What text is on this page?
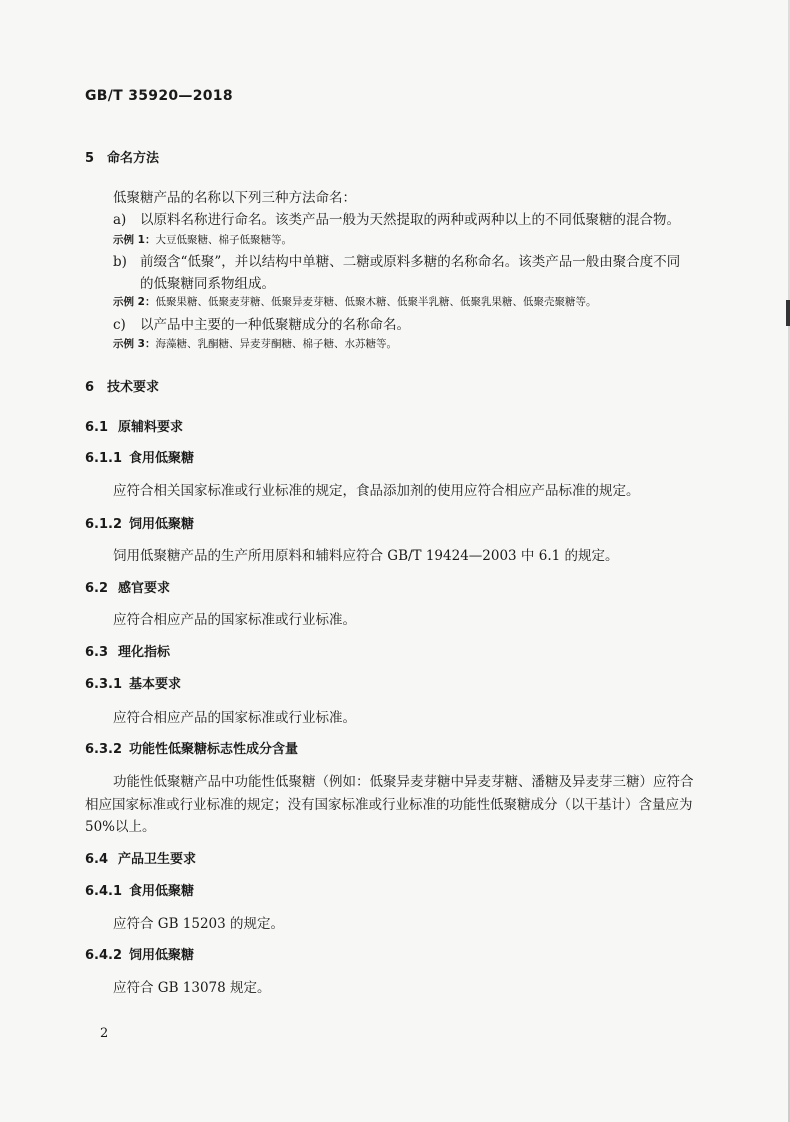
GB/T 35920—2018
5 命名方法
低聚糖产品的名称以下列三种方法命名：
a) 以原料名称进行命名。该类产品一般为天然提取的两种或两种以上的不同低聚糖的混合物。
示例 1：大豆低聚糖、棉子低聚糖等。
b) 前缀含“低聚”，并以结构中单糖、二糖或原料多糖的名称命名。该类产品一般由聚合度不同
的低聚糖同系物组成。
示例 2：低聚果糖、低聚麦芽糖、低聚异麦芽糖、低聚木糖、低聚半乳糖、低聚乳果糖、低聚壳聚糖等。
c) 以产品中主要的一种低聚糖成分的名称命名。
示例 3：海藻糖、乳酮糖、异麦芽酮糖、棉子糖、水苏糖等。
6 技术要求
6.1 原辅料要求
6.1.1 食用低聚糖
应符合相关国家标准或行业标准的规定，食品添加剂的使用应符合相应产品标准的规定。
6.1.2 饲用低聚糖
饲用低聚糖产品的生产所用原料和辅料应符合 GB/T 19424—2003 中 6.1 的规定。
6.2 感官要求
应符合相应产品的国家标准或行业标准。
6.3 理化指标
6.3.1 基本要求
应符合相应产品的国家标准或行业标准。
6.3.2 功能性低聚糖标志性成分含量
功能性低聚糖产品中功能性低聚糖（例如：低聚异麦芽糖中异麦芽糖、潘糖及异麦芽三糖）应符合
相应国家标准或行业标准的规定；没有国家标准或行业标准的功能性低聚糖成分（以干基计）含量应为
50%以上。
6.4 产品卫生要求
6.4.1 食用低聚糖
应符合 GB 15203 的规定。
6.4.2 饲用低聚糖
应符合 GB 13078 规定。
2
